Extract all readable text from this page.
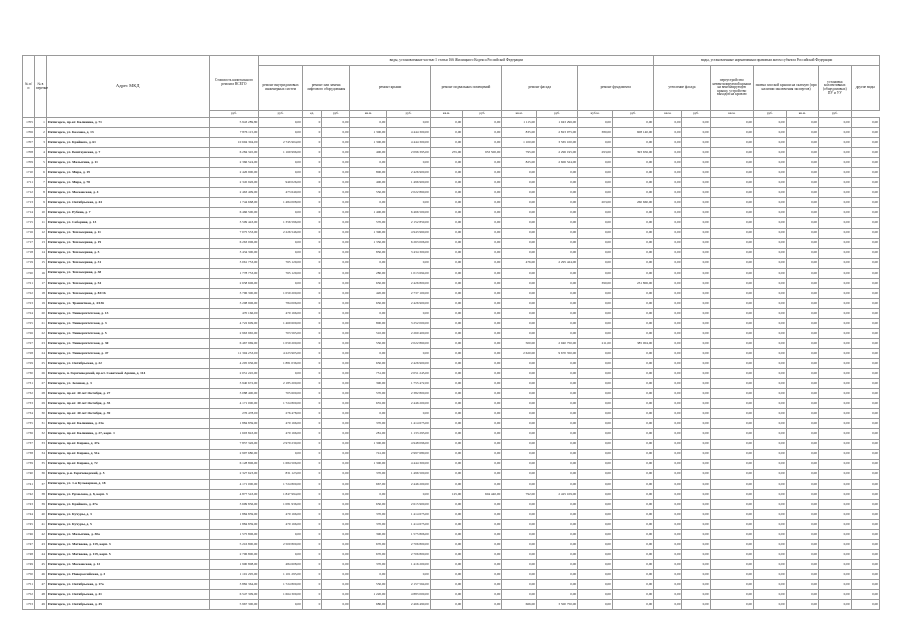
№ п/п	№ в перечне	Адрес МКД	Стоимость капитального ремонта ВСЕГО	виды, установленные частью 1 статьи 166 Жилищного Кодекса Российской Федерации											виды, установленные нормативным правовым актом субъекта Российской Федерации						
				ремонт внутридомовых инженерных систем	ремонт или замена лифтового оборудования		ремонт крыши		ремонт подвальных помещений		ремонт фасада		ремонт фундамента		утепление фасада		переустройство невентилируемой крыши на вентилируемую крышу, устройство выходов на кровлю	замена плоской крыши на скатную (при наличии заключения экспертов)		установка коллективных (общедомовых) ПУ и УУ	другие виды
			руб.	руб.	ед.	руб.	кв.м.	руб.	кв.м.	руб.	кв.м.	руб.	куб.м.	руб.	кв.м.	руб.	кв.м.	руб.	кв.м.	руб.	
1705	1	Пятигорск, пр-кт. Калинина, д. 71	5 943 289,80	0,00	0	0,00	0,00	0,00	0,00	0,00	1 115,00	1 943 296,00	0,00	0,00	0,00	0,00	0,00	0,00	0,00	0,00	0,00
1706	2	Пятигорск, ул. Козлова, д. 13	7 876 115,00	0,00	0	0,00	1 300,00	4 444 300,00	0,00	0,00	835,00	2 823 975,00	380,00	608 140,00	0,00	0,00	0,00	0,00	0,00	0,00	0,00
1707	3	Пятигорск, ул. Крайнего, д. 61	10 694 304,00	2 745 904,00	0	0,00	1 300,00	4 444 300,00	0,00	0,00	1 100,00	3 565 100,00	0,00	0,00	0,00	0,00	0,00	0,00	0,00	0,00	0,00
1708	4	Пятигорск, ул. Бештаунская, д. 7	6 284 345,00	1 169 996,00	0	0,00	400,00	2 096 395,00	255,00	933 500,00	795,00	2 296 195,00	293,00	393 656,00	0,00	0,00	0,00	0,00	0,00	0,00	0,00
1709	5	Пятигорск, ул. Малыгина, д. 11	2 366 524,00	0,00	0	0,00	0,00	0,00	0,00	0,00	825,00	2 606 524,00	0,00	0,00	0,00	0,00	0,00	0,00	0,00	0,00	0,00
1710	6	Пятигорск, ул. Мира, д. 19	2 426 900,00	0,00	0	0,00	800,00	2 426 900,00	0,00	0,00	0,00	0,00	0,00	0,00	0,00	0,00	0,00	0,00	0,00	0,00	0,00
1711	7	Пятигорск, ул. Мира, д. 78	2 345 926,00	949 026,00	0	0,00	400,00	1 496 900,00	0,00	0,00	0,00	0,00	0,00	0,00	0,00	0,00	0,00	0,00	0,00	0,00	0,00
1712	8	Пятигорск, ул. Московская, д. 4	2 463 409,00	473 649,00	0	0,00	550,00	2 022 860,00	0,00	0,00	0,00	0,00	0,00	0,00	0,00	0,00	0,00	0,00	0,00	0,00	0,00
1713	9	Пятигорск, ул. Октябрьская, д. 44	1 744 668,00	1 484 008,00	0	0,00	0,00	0,00	0,00	0,00	0,00	0,00	203,00	260 660,00	0,00	0,00	0,00	0,00	0,00	0,00	0,00
1714	10	Пятигорск, ул. Рубина, д. 7	6 466 500,00	0,00	0	0,00	1 400,00	6 466 500,00	0,00	0,00	0,00	0,00	0,00	0,00	0,00	0,00	0,00	0,00	0,00	0,00	0,00
1715	11	Пятигорск, ул. Соборная, д. 13	3 509 443,00	1 356 596,00	0	0,00	570,00	2 152 850,00	0,00	0,00	0,00	0,00	0,00	0,00	0,00	0,00	0,00	0,00	0,00	0,00	0,00
1716	12	Пятигорск, ул. Теплосерная, д. 11	7 075 533,00	2 226 546,00	0	0,00	1 390,00	4 943 960,00	0,00	0,00	0,00	0,00	0,00	0,00	0,00	0,00	0,00	0,00	0,00	0,00	0,00
1717	13	Пятигорск, ул. Теплосерная, д. 19	6 263 006,00	0,00	0	0,00	1 350,00	6 263 006,00	0,00	0,00	0,00	0,00	0,00	0,00	0,00	0,00	0,00	0,00	0,00	0,00	0,00
1718	14	Пятигорск, ул. Теплосерная, д. 5	3 434 300,00	0,00	0	0,00	850,00	3 434 300,00	0,00	0,00	0,00	0,00	0,00	0,00	0,00	0,00	0,00	0,00	0,00	0,00	0,00
1719	15	Пятигорск, ул. Теплосерная, д. 31	3 061 753,00	765 129,00	0	0,00	0,00	0,00	0,00	0,00	476,00	2 295 424,00	0,00	0,00	0,00	0,00	0,00	0,00	0,00	0,00	0,00
1720	16	Пятигорск, ул. Теплосерная, д. 38	1 778 753,00	765 129,00	0	0,00	280,00	1 013 694,00	0,00	0,00	0,00	0,00	0,00	0,00	0,00	0,00	0,00	0,00	0,00	0,00	0,00
1721	17	Пятигорск, ул. Теплосерная, д. 54	2 658 606,00	0,00	0	0,00	650,00	2 426 800,00	0,00	0,00	0,00	0,00	390,00	231 806,00	0,00	0,00	0,00	0,00	0,00	0,00	0,00
1722	18	Пятигорск, ул. Теплосерная, д. 83/16	3 796 300,00	1 059 200,00	0	0,00	420,00	2 737 100,00	0,00	0,00	0,00	0,00	0,00	0,00	0,00	0,00	0,00	0,00	0,00	0,00	0,00
1723	19	Пятигорск, ул. Транзитная, д. 4/136	3 208 906,00	784 006,00	0	0,00	650,00	2 426 900,00	0,00	0,00	0,00	0,00	0,00	0,00	0,00	0,00	0,00	0,00	0,00	0,00	0,00
1724	20	Пятигорск, ул. Университетская, д. 13	470 166,00	470 166,00	0	0,00	0,00	0,00	0,00	0,00	0,00	0,00	0,00	0,00	0,00	0,00	0,00	0,00	0,00	0,00	0,00
1725	21	Пятигорск, ул. Университетская, д. 3	4 722 609,00	1 469 609,00	0	0,00	800,00	3 252 000,00	0,00	0,00	0,00	0,00	0,00	0,00	0,00	0,00	0,00	0,00	0,00	0,00	0,00
1726	22	Пятигорск, ул. Университетская, д. 5	2 963 965,00	703 565,00	0	0,00	510,00	2 260 400,00	0,00	0,00	0,00	0,00	0,00	0,00	0,00	0,00	0,00	0,00	0,00	0,00	0,00
1727	23	Пятигорск, ул. Университетская, д. 30	6 467 969,00	1 059 200,00	0	0,00	550,00	2 022 860,00	0,00	0,00	500,00	2 940 750,00	211,00	385 004,00	0,00	0,00	0,00	0,00	0,00	0,00	0,00
1728	24	Пятигорск, ул. Университетская, д. 47	11 304 253,00	4 223 905,00	0	0,00	0,00	0,00	0,00	0,00	2 620,00	9 670 350,00	0,00	0,00	0,00	0,00	0,00	0,00	0,00	0,00	0,00
1729	25	Пятигорск, ул. Октябрьская, д. 22	4 205 936,00	1 881 036,00	0	0,00	650,00	2 426 900,00	0,00	0,00	0,00	0,00	0,00	0,00	0,00	0,00	0,00	0,00	0,00	0,00	0,00
1730	26	Пятигорск, п. Горячеводский, пр-кт. Советской Армии, д. 114	2 051 245,00	0,00	0	0,00	751,00	2 051 245,00	0,00	0,00	0,00	0,00	0,00	0,00	0,00	0,00	0,00	0,00	0,00	0,00	0,00
1731	27	Пятигорск, ул. Зеленая, д. 3	3 940 672,00	2 185 200,00	0	0,00	390,00	1 755 472,00	0,00	0,00	0,00	0,00	0,00	0,00	0,00	0,00	0,00	0,00	0,00	0,00	0,00
1732	28	Пятигорск, пр-кт. 40 лет Октября, д. 27	3 088 400,00	705 600,00	0	0,00	570,00	2 382 800,00	0,00	0,00	0,00	0,00	0,00	0,00	0,00	0,00	0,00	0,00	0,00	0,00	0,00
1733	29	Пятигорск, пр-кт. 40 лет Октября, д. 35	4 171 000,00	1 724 800,00	0	0,00	655,00	2 446 200,00	0,00	0,00	0,00	0,00	0,00	0,00	0,00	0,00	0,00	0,00	0,00	0,00	0,00
1734	30	Пятигорск, пр-кт. 40 лет Октября, д. 39	276 478,00	276 478,00	0	0,00	0,00	0,00	0,00	0,00	0,00	0,00	0,00	0,00	0,00	0,00	0,00	0,00	0,00	0,00	0,00
1735	31	Пятигорск, пр-кт. Калинина, д. 23а	1 884 839,00	470 166,00	0	0,00	370,00	1 414 673,00	0,00	0,00	0,00	0,00	0,00	0,00	0,00	0,00	0,00	0,00	0,00	0,00	0,00
1736	32	Пятигорск, пр-кт. Калинина, д. 27, корп. 1	1 603 843,00	470 166,00	0	0,00	281,00	1 133 293,00	0,00	0,00	0,00	0,00	0,00	0,00	0,00	0,00	0,00	0,00	0,00	0,00	0,00
1737	33	Пятигорск, пр-кт. Кирова, д. 47а	7 857 326,00	2 979 230,00	0	0,00	1 300,00	4 948 096,00	0,00	0,00	0,00	0,00	0,00	0,00	0,00	0,00	0,00	0,00	0,00	0,00	0,00
1738	34	Пятигорск, пр-кт. Кирова, д. 51а	2 997 680,00	0,00	0	0,00	741,00	2 997 680,00	0,00	0,00	0,00	0,00	0,00	0,00	0,00	0,00	0,00	0,00	0,00	0,00	0,00
1739	35	Пятигорск, пр-кт. Кирова, д. 72	6 128 806,00	1 684 506,00	0	0,00	1 300,00	4 444 300,00	0,00	0,00	0,00	0,00	0,00	0,00	0,00	0,00	0,00	0,00	0,00	0,00	0,00
1740	36	Пятигорск, р-н. Горячеводский, д. 5	2 327 623,00	831 123,00	0	0,00	370,00	1 496 500,00	0,00	0,00	0,00	0,00	0,00	0,00	0,00	0,00	0,00	0,00	0,00	0,00	0,00
1741	37	Пятигорск, ул. 1-я Бульварная, д. 18	4 171 000,00	1 724 800,00	0	0,00	667,00	2 446 200,00	0,00	0,00	0,00	0,00	0,00	0,00	0,00	0,00	0,00	0,00	0,00	0,00	0,00
1742	38	Пятигорск, ул. Ермолова, д. 8, корп. 3	4 877 543,00	1 847 994,00	0	0,00	0,00	0,00	125,00	604 440,00	792,00	2 425 109,00	0,00	0,00	0,00	0,00	0,00	0,00	0,00	0,00	0,00
1743	39	Пятигорск, ул. Крайнего, д. 47а	3 699 836,00	1 081 936,00	0	0,00	650,00	2 615 900,00	0,00	0,00	0,00	0,00	0,00	0,00	0,00	0,00	0,00	0,00	0,00	0,00	0,00
1744	40	Пятигорск, ул. Кучуры, д. 3	1 884 839,00	470 166,00	0	0,00	370,00	1 414 673,00	0,00	0,00	0,00	0,00	0,00	0,00	0,00	0,00	0,00	0,00	0,00	0,00	0,00
1745	41	Пятигорск, ул. Кучуры, д. 5	1 884 839,00	470 166,00	0	0,00	370,00	1 414 673,00	0,00	0,00	0,00	0,00	0,00	0,00	0,00	0,00	0,00	0,00	0,00	0,00	0,00
1746	42	Пятигорск, ул. Малыгина, д. 30а	1 575 806,00	0,00	0	0,00	390,00	1 575 806,00	0,00	0,00	0,00	0,00	0,00	0,00	0,00	0,00	0,00	0,00	0,00	0,00	0,00
1747	43	Пятигорск, ул. Матвеева, д. 119, корп. 3	5 216 800,00	2 500 800,00	0	0,00	670,00	2 706 800,00	0,00	0,00	0,00	0,00	0,00	0,00	0,00	0,00	0,00	0,00	0,00	0,00	0,00
1748	44	Пятигорск, ул. Матвеева, д. 119, корп. 5	2 706 800,00	0,00	0	0,00	670,00	2 706 800,00	0,00	0,00	0,00	0,00	0,00	0,00	0,00	0,00	0,00	0,00	0,00	0,00	0,00
1749	45	Пятигорск, ул. Московская, д. 12	1 900 808,00	484 608,00	0	0,00	370,00	1 416 200,00	0,00	0,00	0,00	0,00	0,00	0,00	0,00	0,00	0,00	0,00	0,00	0,00	0,00
1750	46	Пятигорск, ул. Новороссийская, д. 3	1 101 295,00	1 101 295,00	0	0,00	0,00	0,00	0,00	0,00	0,00	0,00	0,00	0,00	0,00	0,00	0,00	0,00	0,00	0,00	0,00
1751	47	Пятигорск, ул. Октябрьская, д. 17а	3 882 364,00	1 724 800,00	0	0,00	550,00	2 157 564,00	0,00	0,00	0,00	0,00	0,00	0,00	0,00	0,00	0,00	0,00	0,00	0,00	0,00
1752	48	Пятигорск, ул. Октябрьская, д. 41	6 547 309,00	1 664 309,00	0	0,00	1 220,00	4 883 000,00	0,00	0,00	0,00	0,00	0,00	0,00	0,00	0,00	0,00	0,00	0,00	0,00	0,00
1753	49	Пятигорск, ул. Октябрьская, д. 45	5 967 300,00	0,00	0	0,00	680,00	2 466 490,00	0,00	0,00	666,00	3 500 750,00	0,00	0,00	0,00	0,00	0,00	0,00	0,00	0,00	0,00
